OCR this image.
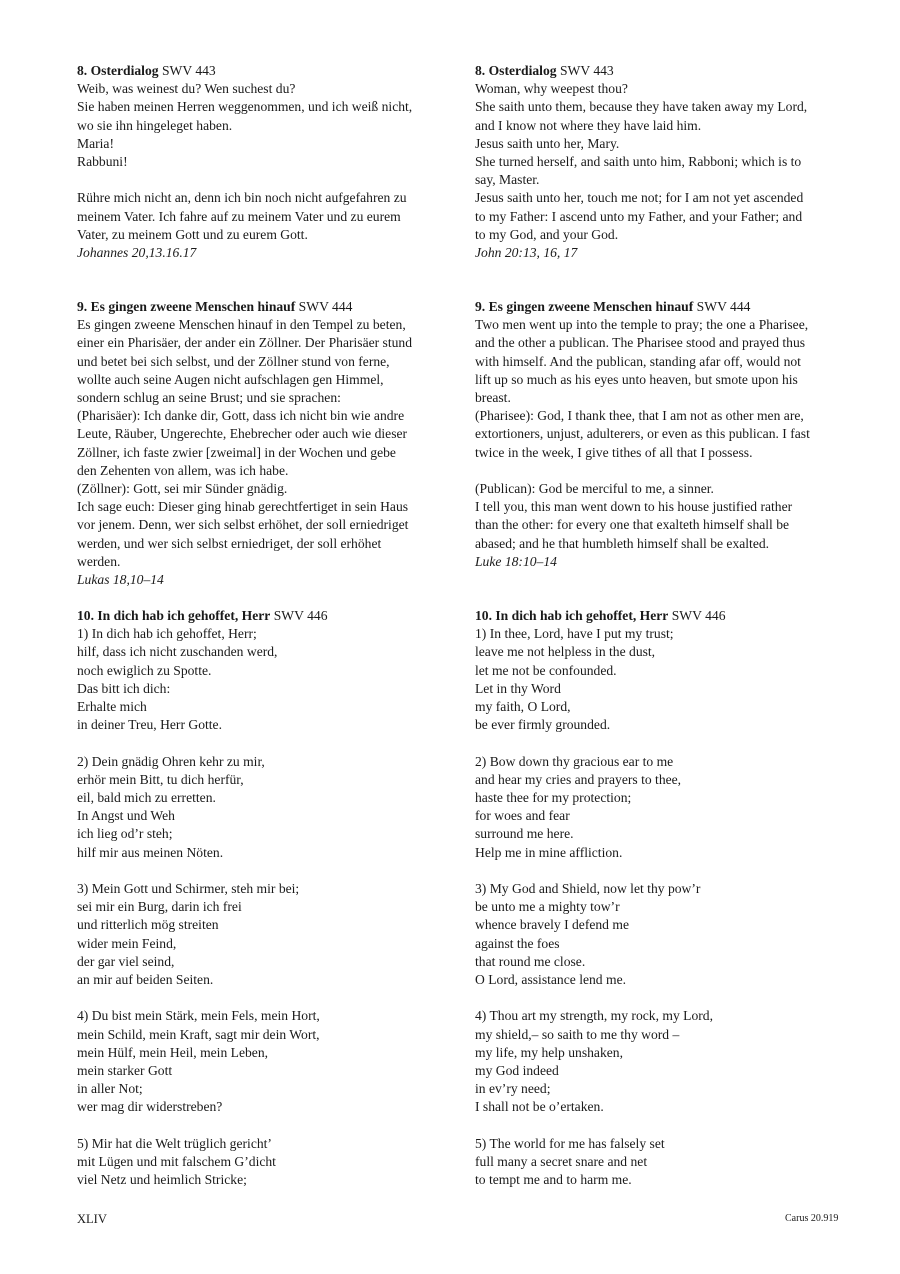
8. Osterdialog SWV 443
Weib, was weinest du? Wen suchest du?
Sie haben meinen Herren weggenommen, und ich weiß nicht,
wo sie ihn hingeleget haben.
Maria!
Rabbuni!
Rühre mich nicht an, denn ich bin noch nicht aufgefahren zu
meinem Vater. Ich fahre auf zu meinem Vater und zu eurem
Vater, zu meinem Gott und zu eurem Gott.
Johannes 20,13.16.17
9. Es gingen zweene Menschen hinauf SWV 444
Es gingen zweene Menschen hinauf in den Tempel zu beten,
einer ein Pharisäer, der ander ein Zöllner. Der Pharisäer stund
und betet bei sich selbst, und der Zöllner stund von ferne,
wollte auch seine Augen nicht aufschlagen gen Himmel,
sondern schlug an seine Brust; und sie sprachen:
(Pharisäer): Ich danke dir, Gott, dass ich nicht bin wie andre
Leute, Räuber, Ungerechte, Ehebrecher oder auch wie dieser
Zöllner, ich faste zwier [zweimal] in der Wochen und gebe
den Zehenten von allem, was ich habe.
(Zöllner): Gott, sei mir Sünder gnädig.
Ich sage euch: Dieser ging hinab gerechtfertiget in sein Haus
vor jenem. Denn, wer sich selbst erhöhet, der soll erniedriget
werden, und wer sich selbst erniedriget, der soll erhöhet
werden.
Lukas 18,10–14
10. In dich hab ich gehoffet, Herr SWV 446
1) In dich hab ich gehoffet, Herr;
hilf, dass ich nicht zuschanden werd,
noch ewiglich zu Spotte.
Das bitt ich dich:
Erhalte mich
in deiner Treu, Herr Gotte.
2) Dein gnädig Ohren kehr zu mir,
erhör mein Bitt, tu dich herfür,
eil, bald mich zu erretten.
In Angst und Weh
ich lieg od’r steh;
hilf mir aus meinen Nöten.
3) Mein Gott und Schirmer, steh mir bei;
sei mir ein Burg, darin ich frei
und ritterlich mög streiten
wider mein Feind,
der gar viel seind,
an mir auf beiden Seiten.
4) Du bist mein Stärk, mein Fels, mein Hort,
mein Schild, mein Kraft, sagt mir dein Wort,
mein Hülf, mein Heil, mein Leben,
mein starker Gott
in aller Not;
wer mag dir widerstreben?
5) Mir hat die Welt trüglich gericht’
mit Lügen und mit falschem G’dicht
viel Netz und heimlich Stricke;
8. Osterdialog SWV 443
Woman, why weepest thou?
She saith unto them, because they have taken away my Lord,
and I know not where they have laid him.
Jesus saith unto her, Mary.
She turned herself, and saith unto him, Rabboni; which is to
say, Master.
Jesus saith unto her, touch me not; for I am not yet ascended
to my Father: I ascend unto my Father, and your Father; and
to my God, and your God.
John 20:13, 16, 17
9. Es gingen zweene Menschen hinauf SWV 444
Two men went up into the temple to pray; the one a Pharisee,
and the other a publican. The Pharisee stood and prayed thus
with himself. And the publican, standing afar off, would not
lift up so much as his eyes unto heaven, but smote upon his
breast.
(Pharisee): God, I thank thee, that I am not as other men are,
extortioners, unjust, adulterers, or even as this publican. I fast
twice in the week, I give tithes of all that I possess.
(Publican): God be merciful to me, a sinner.
I tell you, this man went down to his house justified rather
than the other: for every one that exalteth himself shall be
abased; and he that humbleth himself shall be exalted.
Luke 18:10–14
10. In dich hab ich gehoffet, Herr SWV 446
1) In thee, Lord, have I put my trust;
leave me not helpless in the dust,
let me not be confounded.
Let in thy Word
my faith, O Lord,
be ever firmly grounded.
2) Bow down thy gracious ear to me
and hear my cries and prayers to thee,
haste thee for my protection;
for woes and fear
surround me here.
Help me in mine affliction.
3) My God and Shield, now let thy pow’r
be unto me a mighty tow’r
whence bravely I defend me
against the foes
that round me close.
O Lord, assistance lend me.
4) Thou art my strength, my rock, my Lord,
my shield,– so saith to me thy word –
my life, my help unshaken,
my God indeed
in ev’ry need;
I shall not be o’ertaken.
5) The world for me has falsely set
full many a secret snare and net
to tempt me and to harm me.
XLIV	Carus 20.919
